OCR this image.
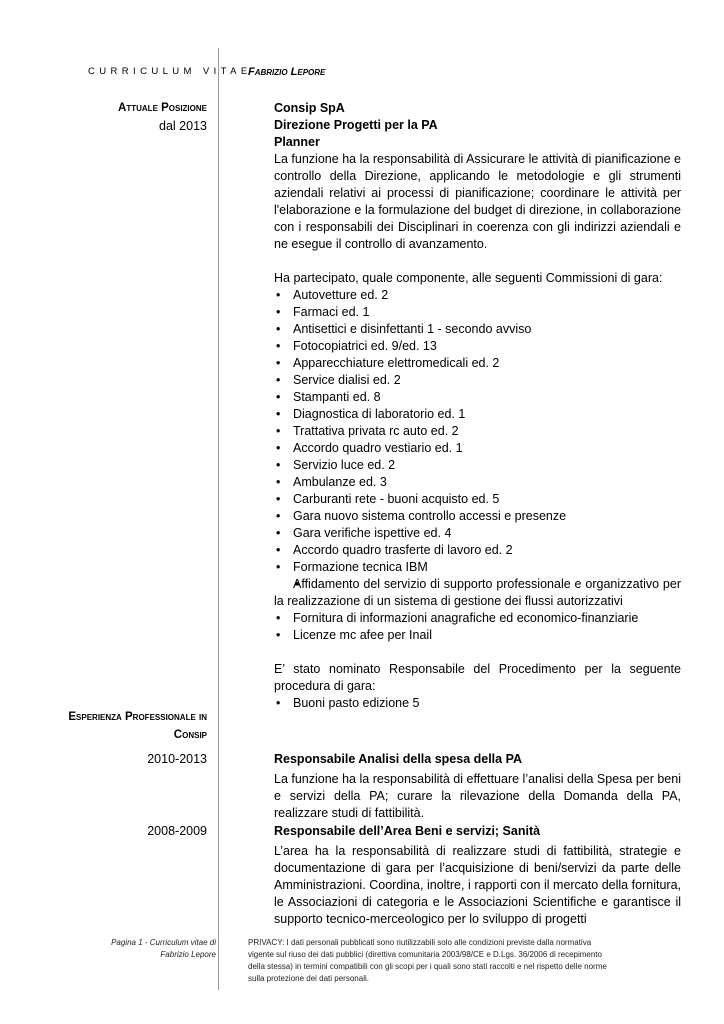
CURRICULUM VITAE
Fabrizio Lepore
Attuale Posizione
dal 2013
Consip SpA
Direzione Progetti per la PA
Planner
La funzione ha la responsabilità di Assicurare le attività di pianificazione e controllo della Direzione, applicando le metodologie e gli strumenti aziendali relativi ai processi di pianificazione; coordinare le attività per l'elaborazione e la formulazione del budget di direzione, in collaborazione con i responsabili dei Disciplinari in coerenza con gli indirizzi aziendali e ne esegue il controllo di avanzamento.
Ha partecipato, quale componente, alle seguenti Commissioni di gara:
• Autovetture ed. 2
• Farmaci ed. 1
• Antisettici e disinfettanti 1 - secondo avviso
• Fotocopiatrici ed. 9/ed. 13
• Apparecchiature elettromedicali ed. 2
• Service dialisi ed. 2
• Stampanti ed. 8
• Diagnostica di laboratorio ed. 1
• Trattativa privata rc auto ed. 2
• Accordo quadro vestiario ed. 1
• Servizio luce ed. 2
• Ambulanze ed. 3
• Carburanti rete - buoni acquisto ed. 5
• Gara nuovo sistema controllo accessi e presenze
• Gara verifiche ispettive ed. 4
• Accordo quadro trasferte di lavoro ed. 2
• Formazione tecnica IBM
• Affidamento del servizio di supporto professionale e organizzativo per la realizzazione di un sistema di gestione dei flussi autorizzativi
• Fornitura di informazioni anagrafiche ed economico-finanziarie
• Licenze mc afee per Inail
E’ stato nominato Responsabile del Procedimento per la seguente procedura di gara:
• Buoni pasto edizione 5
Esperienza Professionale in
Consip
2010-2013	Responsabile Analisi della spesa della PA
La funzione ha la responsabilità di effettuare l’analisi della Spesa per beni e servizi della PA; curare la rilevazione della Domanda della PA, realizzare studi di fattibilità.
2008-2009	Responsabile dell’Area Beni e servizi; Sanità
L’area ha la responsabilità di realizzare studi di fattibilità, strategie e documentazione di gara per l’acquisizione di beni/servizi da parte delle Amministrazioni. Coordina, inoltre, i rapporti con il mercato della fornitura, le Associazioni di categoria e le Associazioni Scientifiche e garantisce il supporto tecnico-merceologico per lo sviluppo di progetti
Pagina 1 - Curriculum vitae di
Fabrizio Lepore
PRIVACY: I dati personali pubblicati sono riutilizzabili solo alle condizioni previste dalla normativa vigente sul riuso dei dati pubblici (direttiva comunitaria 2003/98/CE e D.Lgs. 36/2006 di recepimento della stessa) in termini compatibili con gli scopi per i quali sono stati raccolti e nel rispetto delle norme sulla protezione dei dati personali.
